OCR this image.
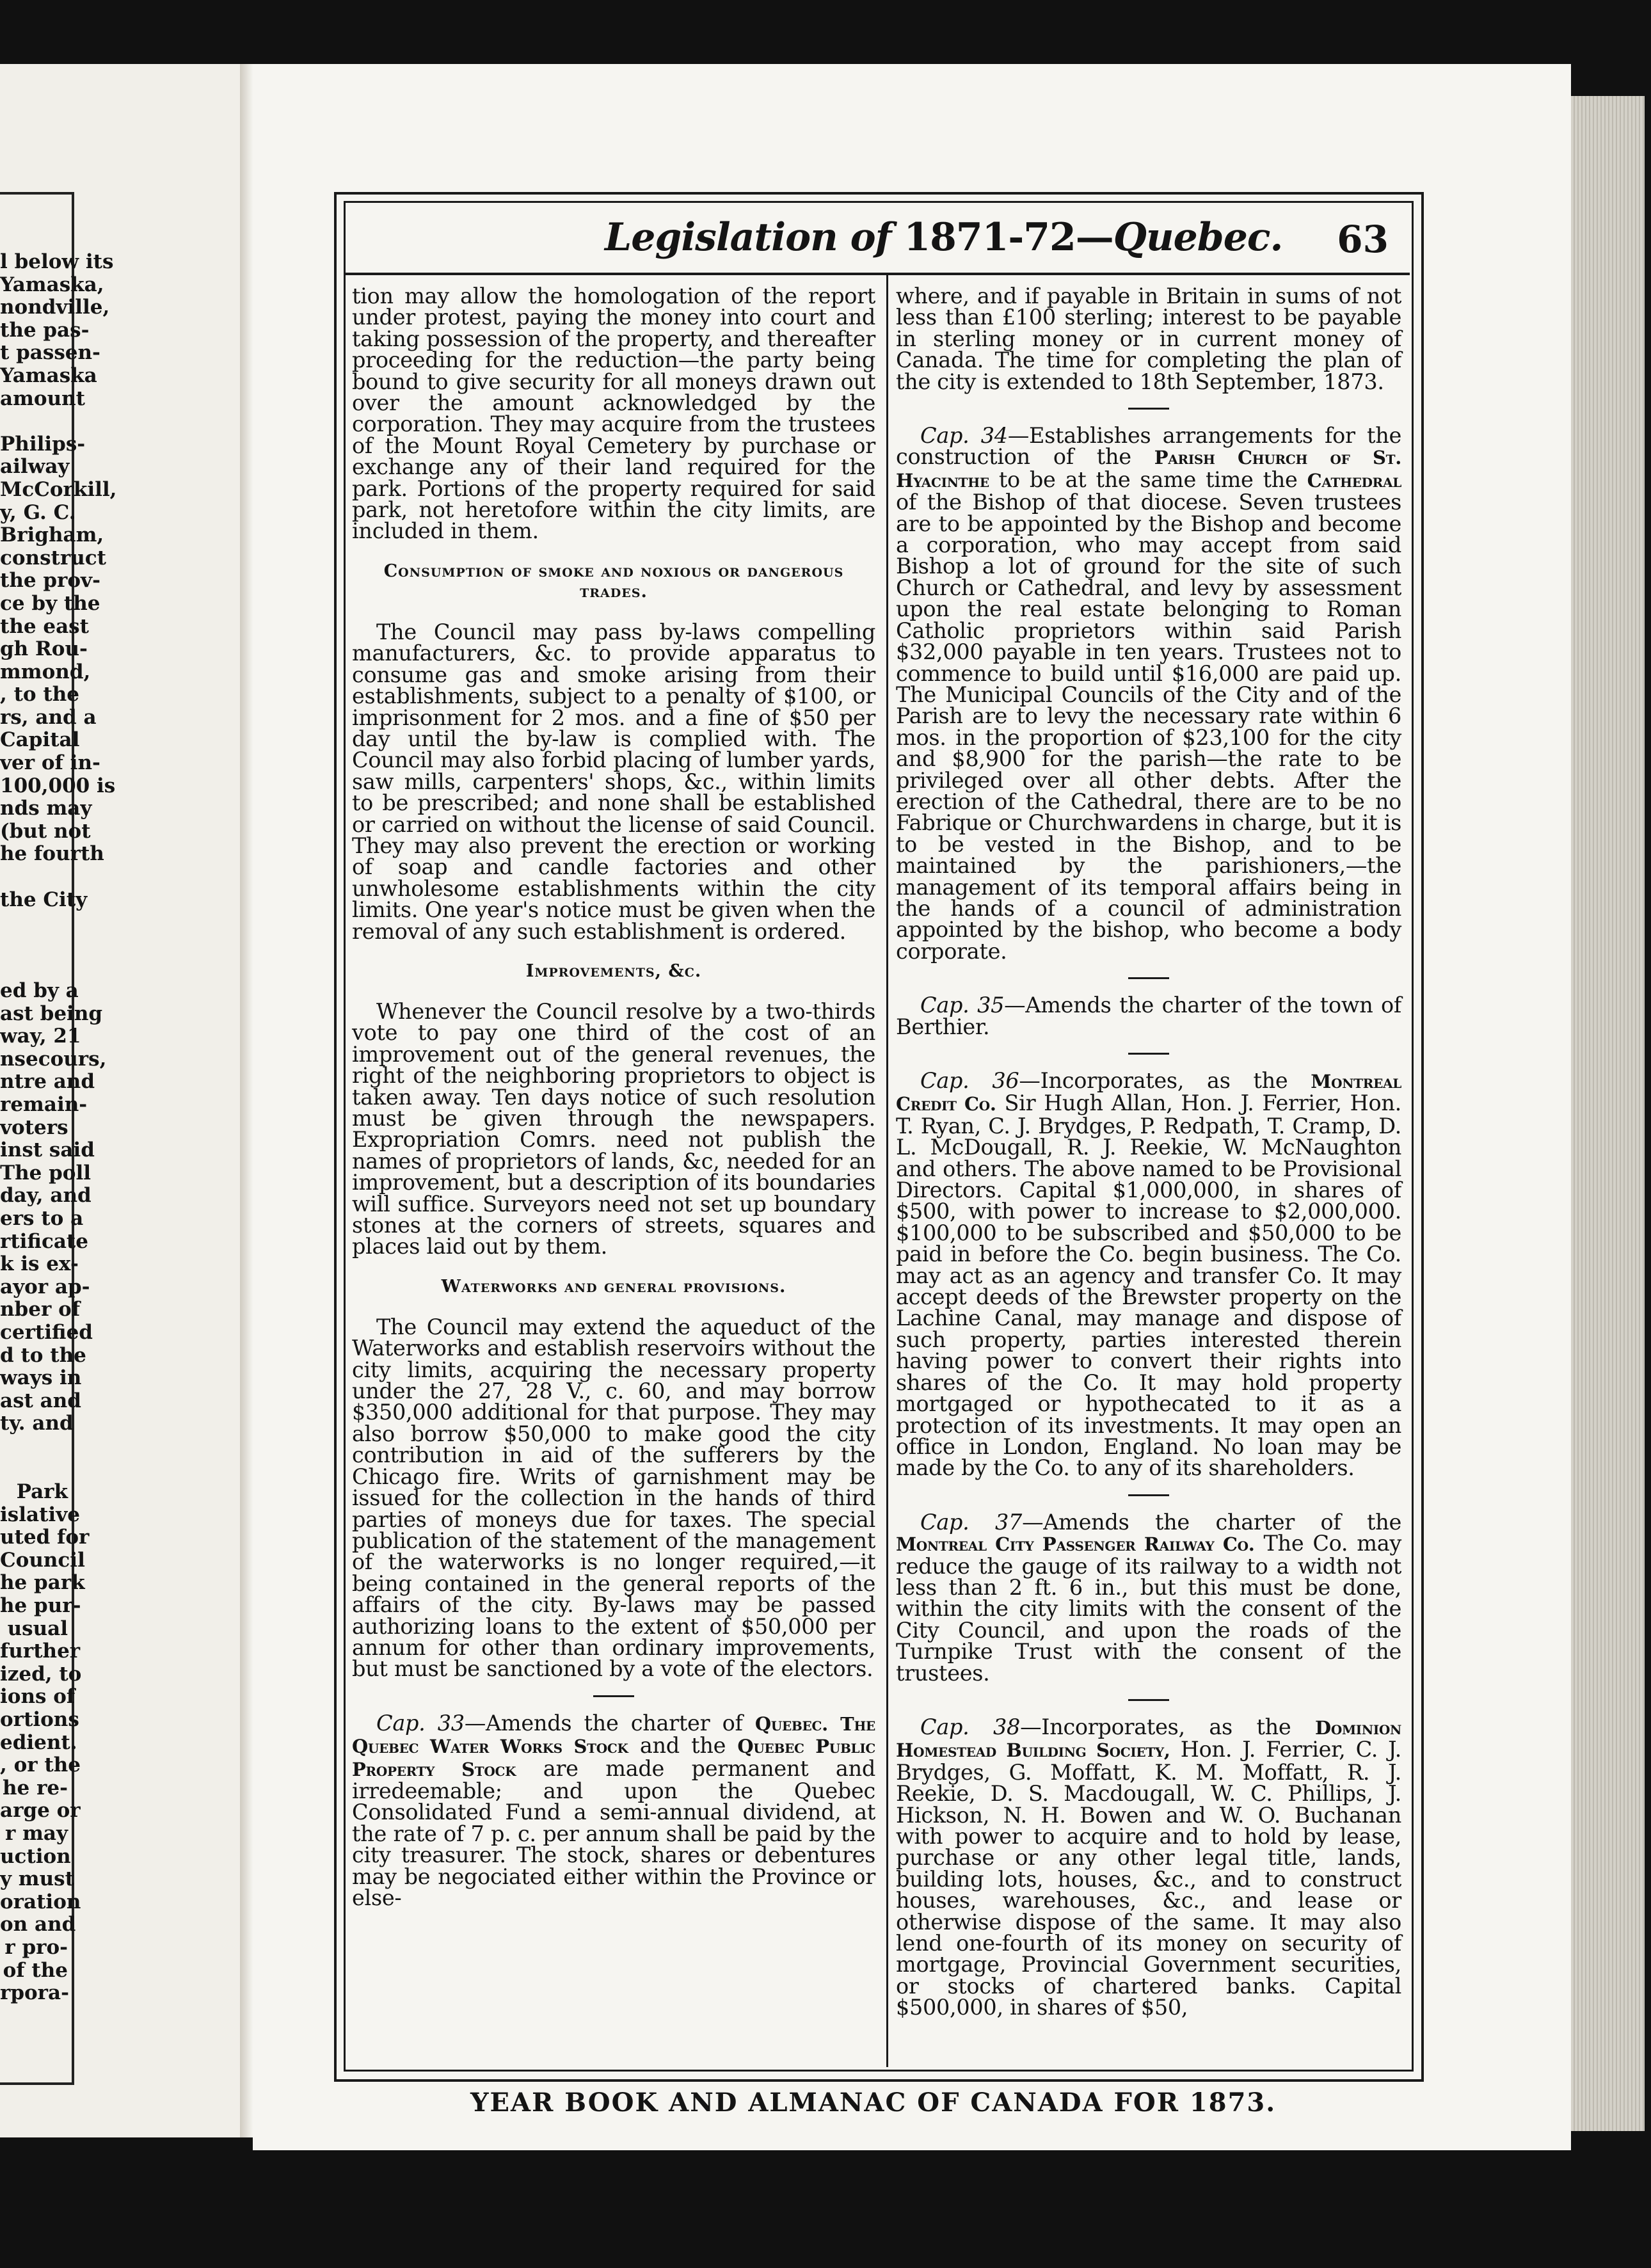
l below its
Yamaska,
nondville,
the pas-
t passen-
Yamaska
amount

Philips-
ailway
McCorkill,
y, G. C.
Brigham,
construct
the prov-
ce by the
the east
gh Rou-
mmond,
, to the
rs, and a
Capital
ver of in-
100,000 is
nds may
(but not
he fourth

the City

ed by a
ast being
way, 21
nsecours,
ntre and
remain-
voters
inst said
The poll
day, and
ers to a
rtificate
k is ex-
ayor ap-
nber of
certified
d to the
ways in
ast and
ty. and

Park
islative
uted for
Council
he park
he pur-
usual
further
ized, to
ions of
ortions
edient.
, or the
he re-
arge or
r may
uction
y must
oration
on and
r pro-
of the
rpora-
Legislation of 1871-72—Quebec. 63

tion may allow the homologation of the report under protest, paying the money into court and taking possession of the property, and thereafter proceeding for the reduction—the party being bound to give security for all moneys drawn out over the amount acknowledged by the corporation. They may acquire from the trustees of the Mount Royal Cemetery by purchase or exchange any of their land required for the park. Portions of the property required for said park, not heretofore within the city limits, are included in them.

Consumption of smoke and noxious or dangerous trades.

The Council may pass by-laws compelling manufacturers, &c. to provide apparatus to consume gas and smoke arising from their establishments, subject to a penalty of $100, or imprisonment for 2 mos. and a fine of $50 per day until the by-law is complied with. The Council may also forbid placing of lumber yards, saw mills, carpenters' shops, &c., within limits to be prescribed; and none shall be established or carried on without the license of said Council. They may also prevent the erection or working of soap and candle factories and other unwholesome establishments within the city limits. One year's notice must be given when the removal of any such establishment is ordered.

Improvements, &c.

Whenever the Council resolve by a two-thirds vote to pay one third of the cost of an improvement out of the general revenues, the right of the neighboring proprietors to object is taken away. Ten days notice of such resolution must be given through the newspapers. Expropriation Comrs. need not publish the names of proprietors of lands, &c, needed for an improvement, but a description of its boundaries will suffice. Surveyors need not set up boundary stones at the corners of streets, squares and places laid out by them.

Waterworks and general provisions.

The Council may extend the aqueduct of the Waterworks and establish reservoirs without the city limits, acquiring the necessary property under the 27, 28 V., c. 60, and may borrow $350,000 additional for that purpose. They may also borrow $50,000 to make good the city contribution in aid of the sufferers by the Chicago fire. Writs of garnishment may be issued for the collection in the hands of third parties of moneys due for taxes. The special publication of the statement of the management of the waterworks is no longer required,—it being contained in the general reports of the affairs of the city. By-laws may be passed authorizing loans to the extent of $50,000 per annum for other than ordinary improvements, but must be sanctioned by a vote of the electors.

Cap. 33—Amends the charter of Quebec. The Quebec Water Works Stock and the Quebec Public Property Stock are made permanent and irredeemable; and upon the Quebec Consolidated Fund a semi-annual dividend, at the rate of 7 p. c. per annum shall be paid by the city treasurer. The stock, shares or debentures may be negociated either within the Province or else-

where, and if payable in Britain in sums of not less than £100 sterling; interest to be payable in sterling money or in current money of Canada. The time for completing the plan of the city is extended to 18th September, 1873.

Cap. 34—Establishes arrangements for the construction of the Parish Church of St. Hyacinthe to be at the same time the Cathedral of the Bishop of that diocese. Seven trustees are to be appointed by the Bishop and become a corporation, who may accept from said Bishop a lot of ground for the site of such Church or Cathedral, and levy by assessment upon the real estate belonging to Roman Catholic proprietors within said Parish $32,000 payable in ten years. Trustees not to commence to build until $16,000 are paid up. The Municipal Councils of the City and of the Parish are to levy the necessary rate within 6 mos. in the proportion of $23,100 for the city and $8,900 for the parish—the rate to be privileged over all other debts. After the erection of the Cathedral, there are to be no Fabrique or Churchwardens in charge, but it is to be vested in the Bishop, and to be maintained by the parishioners,—the management of its temporal affairs being in the hands of a council of administration appointed by the bishop, who become a body corporate.

Cap. 35—Amends the charter of the town of Berthier.

Cap. 36—Incorporates, as the Montreal Credit Co. Sir Hugh Allan, Hon. J. Ferrier, Hon. T. Ryan, C. J. Brydges, P. Redpath, T. Cramp, D. L. McDougall, R. J. Reekie, W. McNaughton and others. The above named to be Provisional Directors. Capital $1,000,000, in shares of $500, with power to increase to $2,000,000. $100,000 to be subscribed and $50,000 to be paid in before the Co. begin business. The Co. may act as an agency and transfer Co. It may accept deeds of the Brewster property on the Lachine Canal, may manage and dispose of such property, parties interested therein having power to convert their rights into shares of the Co. It may hold property mortgaged or hypothecated to it as a protection of its investments. It may open an office in London, England. No loan may be made by the Co. to any of its shareholders.

Cap. 37—Amends the charter of the Montreal City Passenger Railway Co. The Co. may reduce the gauge of its railway to a width not less than 2 ft. 6 in., but this must be done, within the city limits with the consent of the City Council, and upon the roads of the Turnpike Trust with the consent of the trustees.

Cap. 38—Incorporates, as the Dominion Homestead Building Society, Hon. J. Ferrier, C. J. Brydges, G. Moffatt, K. M. Moffatt, R. J. Reekie, D. S. Macdougall, W. C. Phillips, J. Hickson, N. H. Bowen and W. O. Buchanan with power to acquire and to hold by lease, purchase or any other legal title, lands, building lots, houses, &c., and to construct houses, warehouses, &c., and lease or otherwise dispose of the same. It may also lend one-fourth of its money on security of mortgage, Provincial Government securities, or stocks of chartered banks. Capital $500,000, in shares of $50,

YEAR BOOK AND ALMANAC OF CANADA FOR 1873.
